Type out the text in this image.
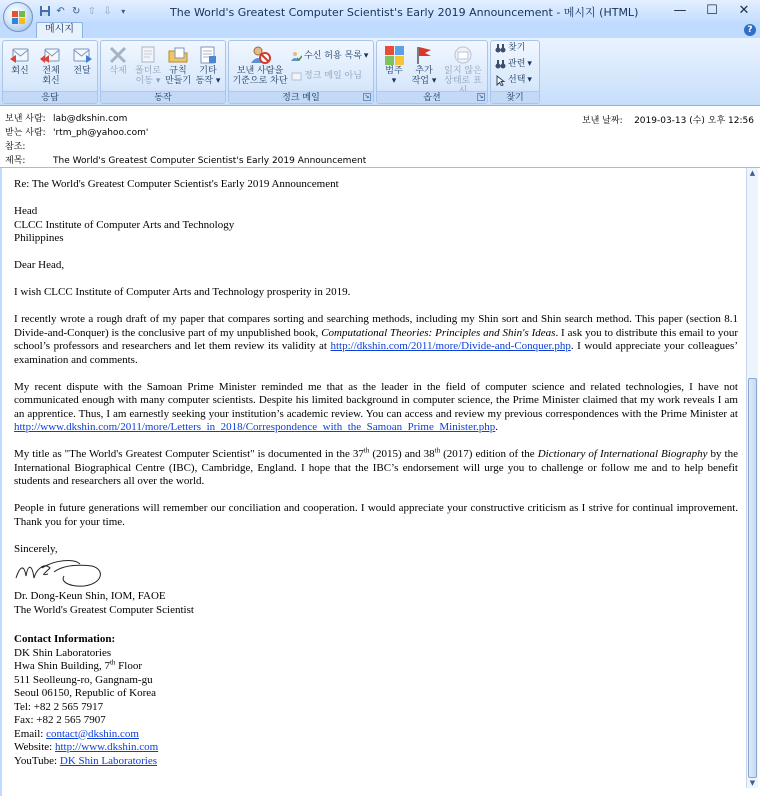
↶ ↻ ⇧ ⇩	▾	The World's Greatest Computer Scientist's Early 2019 Announcement - 메시지 (HTML)	—	☐	✕
메시지	?
회신	전체
회신
전달
응답
삭제 폴더로
이동 ▾
규칙
만들기
기타
동작 ▾
동작
보낸 사람을
기준으로 차단
수신 허용 목록 ▾
정크 메일 아님
정크 메일	↘
범주
▾
추가
작업 ▾
읽지 않은
상태로 표
옵션	↘
찾기
관련 ▾
선택 ▾
찾기
보낸 사람: lab@dkshin.com
받는 사람: 'rtm_ph@yahoo.com'
참조:
제목:	The World's Greatest Computer Scientist's Early 2019 Announcement
보낸 날짜: 2019-03-13 (수) 오후 12:56

Re: The World's Greatest Computer Scientist's Early 2019 Announcement

Head
CLCC Institute of Computer Arts and Technology
Philippines

Dear Head,

I wish CLCC Institute of Computer Arts and Technology prosperity in 2019.

I recently wrote a rough draft of my paper that compares sorting and searching methods, including my Shin sort and Shin search method. This paper (section 8.1 Divide-and-Conquer) is the conclusive part of my unpublished book, Computational Theories: Principles and Shin's Ideas. I ask you to distribute this email to your school’s professors and researchers and let them review its validity at http://dkshin.com/2011/more/Divide-and-Conquer.php. I would appreciate your colleagues’ examination and comments.

My recent dispute with the Samoan Prime Minister reminded me that as the leader in the field of computer science and related technologies, I have not communicated enough with many computer scientists. Despite his limited background in computer science, the Prime Minister claimed that my work reveals I am an apprentice. Thus, I am earnestly seeking your institution’s academic review. You can access and review my previous correspondences with the Prime Minister at http://www.dkshin.com/2011/more/Letters_in_2018/Correspondence_with_the_Samoan_Prime_Minister.php.

My title as "The World's Greatest Computer Scientist" is documented in the 37th (2015) and 38th (2017) edition of the Dictionary of International Biography by the International Biographical Centre (IBC), Cambridge, England. I hope that the IBC’s endorsement will urge you to challenge or follow me and to help benefit students and researchers all over the world.

People in future generations will remember our conciliation and cooperation. I would appreciate your constructive criticism as I strive for continual improvement. Thank you for your time.

Sincerely,
Dr. Dong-Keun Shin, IOM, FAOE
The World's Greatest Computer Scientist
Contact Information:
DK Shin Laboratories
Hwa Shin Building, 7th Floor
511 Seolleung-ro, Gangnam-gu
Seoul 06150, Republic of Korea
Tel: +82 2 565 7917
Fax: +82 2 565 7907
Email: contact@dkshin.com
Website: http://www.dkshin.com
YouTube: DK Shin Laboratories
▲
▼
